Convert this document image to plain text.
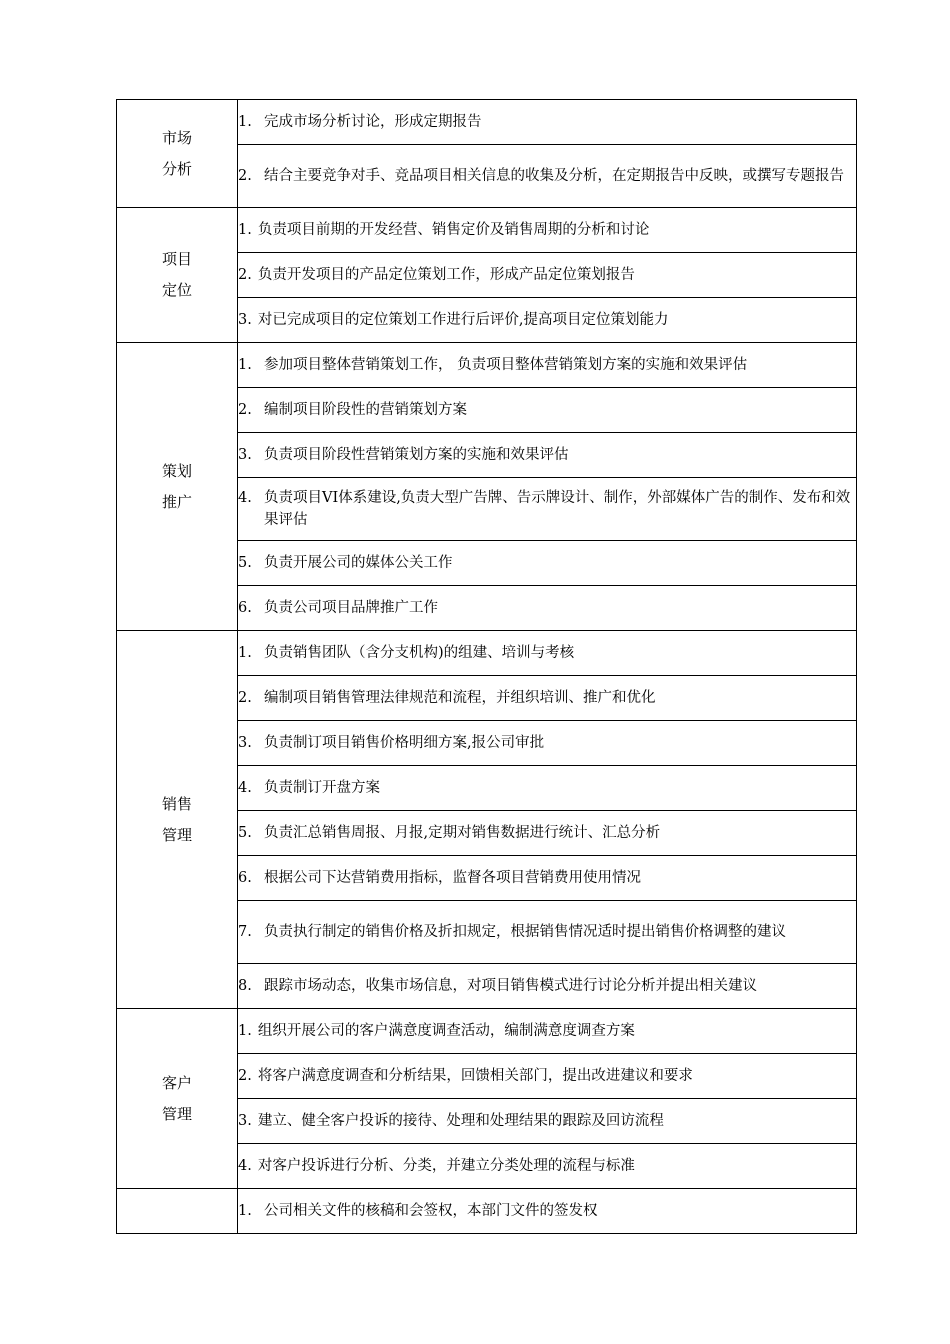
市场
分析	1. 完成市场分析讨论，形成定期报告

	2. 结合主要竞争对手、竞品项目相关信息的收集及分析，在定期报告中反映，或撰写专题报告

项目
定位	1. 负责项目前期的开发经营、销售定价及销售周期的分析和讨论

	2. 负责开发项目的产品定位策划工作，形成产品定位策划报告

	3. 对已完成项目的定位策划工作进行后评价,提高项目定位策划能力

策划
推广	1. 参加项目整体营销策划工作， 负责项目整体营销策划方案的实施和效果评估

	2. 编制项目阶段性的营销策划方案

	3. 负责项目阶段性营销策划方案的实施和效果评估

	4. 负责项目VI体系建设,负责大型广告牌、告示牌设计、制作，外部媒体广告的制作、发布和效果评估

	5. 负责开展公司的媒体公关工作

	6. 负责公司项目品牌推广工作

销售
管理	1. 负责销售团队（含分支机构)的组建、培训与考核

	2. 编制项目销售管理法律规范和流程，并组织培训、推广和优化

	3. 负责制订项目销售价格明细方案,报公司审批

	4. 负责制订开盘方案

	5. 负责汇总销售周报、月报,定期对销售数据进行统计、汇总分析

	6. 根据公司下达营销费用指标，监督各项目营销费用使用情况

	7. 负责执行制定的销售价格及折扣规定，根据销售情况适时提出销售价格调整的建议

	8. 跟踪市场动态，收集市场信息，对项目销售模式进行讨论分析并提出相关建议

客户
管理	1. 组织开展公司的客户满意度调查活动，编制满意度调查方案

	2. 将客户满意度调查和分析结果，回馈相关部门，提出改进建议和要求

	3. 建立、健全客户投诉的接待、处理和处理结果的跟踪及回访流程

	4. 对客户投诉进行分析、分类，并建立分类处理的流程与标准

	1. 公司相关文件的核稿和会签权，本部门文件的签发权
